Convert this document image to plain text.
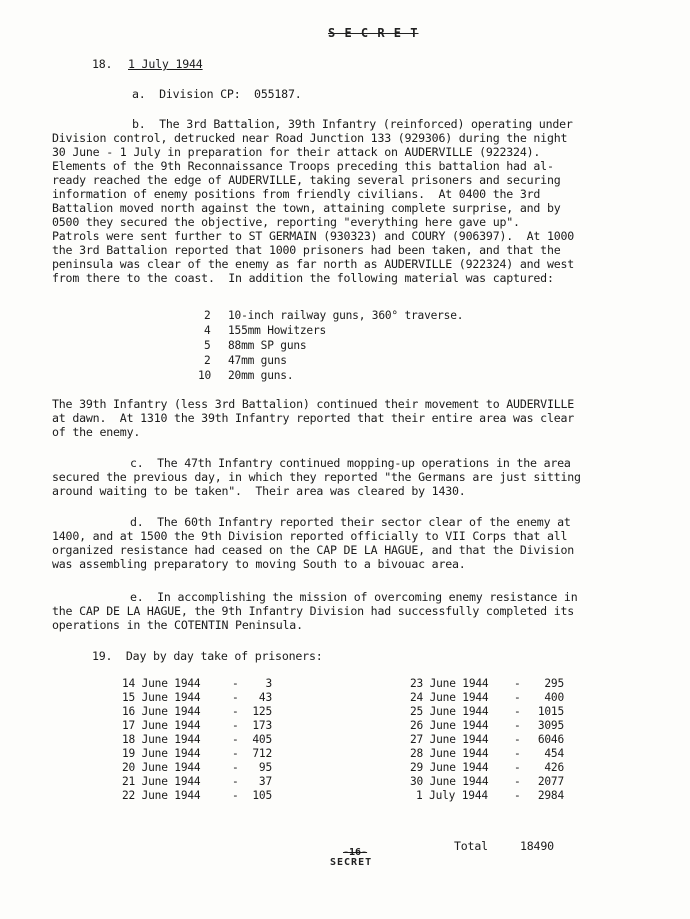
S E C R E T
18. 1 July 1944
a.  Division CP:  055187.
b.  The 3rd Battalion, 39th Infantry (reinforced) operating under
Division control, detrucked near Road Junction 133 (929306) during the night
30 June - 1 July in preparation for their attack on AUDERVILLE (922324).
Elements of the 9th Reconnaissance Troops preceding this battalion had al-
ready reached the edge of AUDERVILLE, taking several prisoners and securing
information of enemy positions from friendly civilians.  At 0400 the 3rd
Battalion moved north against the town, attaining complete surprise, and by
0500 they secured the objective, reporting "everything here gave up".
Patrols were sent further to ST GERMAIN (930323) and COURY (906397).  At 1000
the 3rd Battalion reported that 1000 prisoners had been taken, and that the
peninsula was clear of the enemy as far north as AUDERVILLE (922324) and west
from there to the coast.  In addition the following material was captured:
2 10-inch railway guns, 360° traverse.
4 155mm Howitzers
5 88mm SP guns
2 47mm guns
10 20mm guns.
The 39th Infantry (less 3rd Battalion) continued their movement to AUDERVILLE
at dawn.  At 1310 the 39th Infantry reported that their entire area was clear
of the enemy.
c.  The 47th Infantry continued mopping-up operations in the area
secured the previous day, in which they reported "the Germans are just sitting
around waiting to be taken".  Their area was cleared by 1430.
d.  The 60th Infantry reported their sector clear of the enemy at
1400, and at 1500 the 9th Division reported officially to VII Corps that all
organized resistance had ceased on the CAP DE LA HAGUE, and that the Division
was assembling preparatory to moving South to a bivouac area.
e.  In accomplishing the mission of overcoming enemy resistance in
the CAP DE LA HAGUE, the 9th Infantry Division had successfully completed its
operations in the COTENTIN Peninsula.
19.  Day by day take of prisoners:
14 June 1944	-	3
15 June 1944	-	43
16 June 1944	- 125
17 June 1944	- 173
18 June 1944	- 405
19 June 1944	- 712
20 June 1944	-	95
21 June 1944	-	37
22 June 1944	- 105
23 June 1944 -	295
24 June 1944 -	400
25 June 1944 -	1015
26 June 1944 -	3095
27 June 1944 -	6046
28 June 1944 -	454
29 June 1944 -	426
30 June 1944 -	2077
1 July 1944 -	2984
Total	18490
-16-
SECRET
